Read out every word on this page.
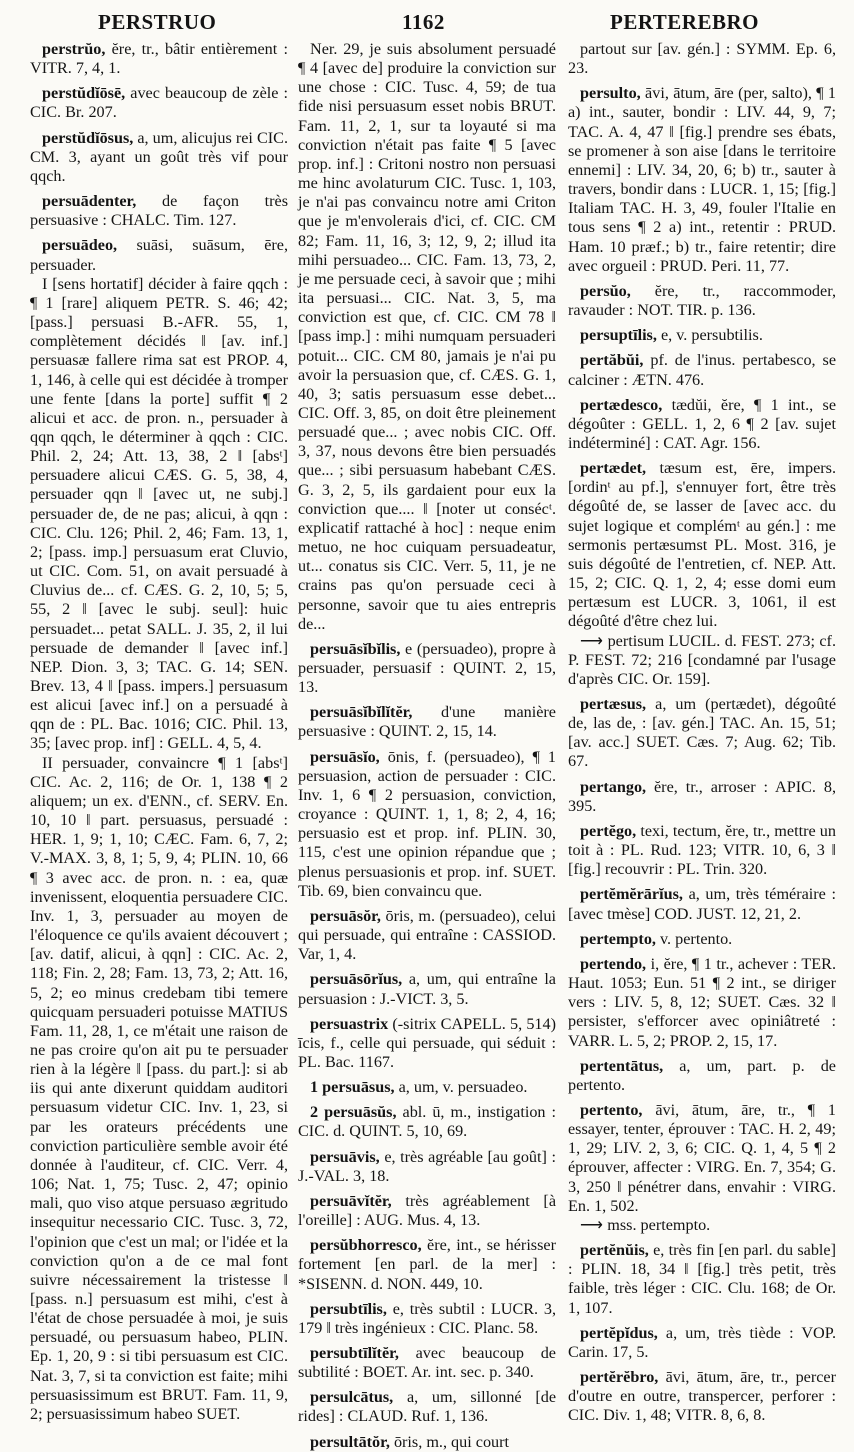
PERSTRUO	1162	PERTEREBRO

perstrŭo, ĕre, tr., bâtir entièrement : VITR. 7, 4, 1.

perstŭdĭōsē, avec beaucoup de zèle : CIC. Br. 207.

perstŭdĭōsus, a, um, alicujus rei CIC. CM. 3, ayant un goût très vif pour qqch.

persuādenter, de façon très persuasive : CHALC. Tim. 127.

persuādeo, suāsi, suāsum, ēre, persuader.

I [sens hortatif] décider à faire qqch : ¶ 1 [rare] aliquem PETR. S. 46; 42; [pass.] persuasi B.-AFR. 55, 1, complètement décidés ‖ [av. inf.] persuasæ fallere rima sat est PROP. 4, 1, 146, à celle qui est décidée à tromper une fente [dans la porte] suffit ¶ 2 alicui et acc. de pron. n., persuader à qqn qqch, le déterminer à qqch : CIC. Phil. 2, 24; Att. 13, 38, 2 ‖ [absᵗ] persuadere alicui CÆS. G. 5, 38, 4, persuader qqn ‖ [avec ut, ne subj.] persuader de, de ne pas; alicui, à qqn : CIC. Clu. 126; Phil. 2, 46; Fam. 13, 1, 2; [pass. imp.] persuasum erat Cluvio, ut CIC. Com. 51, on avait persuadé à Cluvius de... cf. CÆS. G. 2, 10, 5; 5, 55, 2 ‖ [avec le subj. seul]: huic persuadet... petat SALL. J. 35, 2, il lui persuade de demander ‖ [avec inf.] NEP. Dion. 3, 3; TAC. G. 14; SEN. Brev. 13, 4 ‖ [pass. impers.] persuasum est alicui [avec inf.] on a persuadé à qqn de : PL. Bac. 1016; CIC. Phil. 13, 35; [avec prop. inf] : GELL. 4, 5, 4.

II persuader, convaincre ¶ 1 [absᵗ] CIC. Ac. 2, 116; de Or. 1, 138 ¶ 2 aliquem; un ex. d'ENN., cf. SERV. En. 10, 10 ‖ part. persuasus, persuadé : HER. 1, 9; 1, 10; CÆC. Fam. 6, 7, 2; V.-MAX. 3, 8, 1; 5, 9, 4; PLIN. 10, 66 ¶ 3 avec acc. de pron. n. : ea, quæ invenissent, eloquentia persuadere CIC. Inv. 1, 3, persuader au moyen de l'éloquence ce qu'ils avaient découvert ; [av. datif, alicui, à qqn] : CIC. Ac. 2, 118; Fin. 2, 28; Fam. 13, 73, 2; Att. 16, 5, 2; eo minus credebam tibi temere quicquam persuaderi potuisse MATIUS Fam. 11, 28, 1, ce m'était une raison de ne pas croire qu'on ait pu te persuader rien à la légère ‖ [pass. du part.]: si ab iis qui ante dixerunt quiddam auditori persuasum videtur CIC. Inv. 1, 23, si par les orateurs précédents une conviction particulière semble avoir été donnée à l'auditeur, cf. CIC. Verr. 4, 106; Nat. 1, 75; Tusc. 2, 47; opinio mali, quo viso atque persuaso ægritudo insequitur necessario CIC. Tusc. 3, 72, l'opinion que c'est un mal; or l'idée et la conviction qu'on a de ce mal font suivre nécessairement la tristesse ‖ [pass. n.] persuasum est mihi, c'est à l'état de chose persuadée à moi, je suis persuadé, ou persuasum habeo, PLIN. Ep. 1, 20, 9 : si tibi persuasum est CIC. Nat. 3, 7, si ta conviction est faite; mihi persuasissimum est BRUT. Fam. 11, 9, 2; persuasissimum habeo SUET.

Ner. 29, je suis absolument persuadé ¶ 4 [avec de] produire la conviction sur une chose : CIC. Tusc. 4, 59; de tua fide nisi persuasum esset nobis BRUT. Fam. 11, 2, 1, sur ta loyauté si ma conviction n'était pas faite ¶ 5 [avec prop. inf.] : Critoni nostro non persuasi me hinc avolaturum CIC. Tusc. 1, 103, je n'ai pas convaincu notre ami Criton que je m'envolerais d'ici, cf. CIC. CM 82; Fam. 11, 16, 3; 12, 9, 2; illud ita mihi persuadeo... CIC. Fam. 13, 73, 2, je me persuade ceci, à savoir que ; mihi ita persuasi... CIC. Nat. 3, 5, ma conviction est que, cf. CIC. CM 78 ‖ [pass imp.] : mihi numquam persuaderi potuit... CIC. CM 80, jamais je n'ai pu avoir la persuasion que, cf. CÆS. G. 1, 40, 3; satis persuasum esse debet... CIC. Off. 3, 85, on doit être pleinement persuadé que... ; avec nobis CIC. Off. 3, 37, nous devons être bien persuadés que... ; sibi persuasum habebant CÆS. G. 3, 2, 5, ils gardaient pour eux la conviction que.... ‖ [noter ut consécᵗ. explicatif rattaché à hoc] : neque enim metuo, ne hoc cuiquam persuadeatur, ut... conatus sis CIC. Verr. 5, 11, je ne crains pas qu'on persuade ceci à personne, savoir que tu aies entrepris de...

persuāsĭbĭlis, e (persuadeo), propre à persuader, persuasif : QUINT. 2, 15, 13.

persuāsĭbĭlĭtĕr, d'une manière persuasive : QUINT. 2, 15, 14.

persuāsĭo, ōnis, f. (persuadeo), ¶ 1 persuasion, action de persuader : CIC. Inv. 1, 6 ¶ 2 persuasion, conviction, croyance : QUINT. 1, 1, 8; 2, 4, 16; persuasio est et prop. inf. PLIN. 30, 115, c'est une opinion répandue que ; plenus persuasionis et prop. inf. SUET. Tib. 69, bien convaincu que.

persuāsŏr, ōris, m. (persuadeo), celui qui persuade, qui entraîne : CASSIOD. Var, 1, 4.

persuāsōrĭus, a, um, qui entraîne la persuasion : J.-VICT. 3, 5.

persuastrix (-sitrix CAPELL. 5, 514) īcis, f., celle qui persuade, qui séduit : PL. Bac. 1167.

1 persuāsus, a, um, v. persuadeo.

2 persuāsŭs, abl. ū, m., instigation : CIC. d. QUINT. 5, 10, 69.

persuāvis, e, très agréable [au goût] : J.-VAL. 3, 18.

persuāvĭtĕr, très agréablement [à l'oreille] : AUG. Mus. 4, 13.

persŭbhorresco, ĕre, int., se hérisser fortement [en parl. de la mer] : *SISENN. d. NON. 449, 10.

persubtīlis, e, très subtil : LUCR. 3, 179 ‖ très ingénieux : CIC. Planc. 58.

persubtīlĭtĕr, avec beaucoup de subtilité : BOET. Ar. int. sec. p. 340.

persulcātus, a, um, sillonné [de rides] : CLAUD. Ruf. 1, 136.

persultātŏr, ōris, m., qui court

partout sur [av. gén.] : SYMM. Ep. 6, 23.

persulto, āvi, ātum, āre (per, salto), ¶ 1 a) int., sauter, bondir : LIV. 44, 9, 7; TAC. A. 4, 47 ‖ [fig.] prendre ses ébats, se promener à son aise [dans le territoire ennemi] : LIV. 34, 20, 6; b) tr., sauter à travers, bondir dans : LUCR. 1, 15; [fig.] Italiam TAC. H. 3, 49, fouler l'Italie en tous sens ¶ 2 a) int., retentir : PRUD. Ham. 10 præf.; b) tr., faire retentir; dire avec orgueil : PRUD. Peri. 11, 77.

persŭo, ĕre, tr., raccommoder, ravauder : NOT. TIR. p. 136.

persuptīlis, e, v. persubtilis.

pertăbŭi, pf. de l'inus. pertabesco, se calciner : ÆTN. 476.

pertædesco, tædŭi, ĕre, ¶ 1 int., se dégoûter : GELL. 1, 2, 6 ¶ 2 [av. sujet indéterminé] : CAT. Agr. 156.

pertædet, tæsum est, ēre, impers. [ordinᵗ au pf.], s'ennuyer fort, être très dégoûté de, se lasser de [avec acc. du sujet logique et complémᵗ au gén.] : me sermonis pertæsumst PL. Most. 316, je suis dégoûté de l'entretien, cf. NEP. Att. 15, 2; CIC. Q. 1, 2, 4; esse domi eum pertæsum est LUCR. 3, 1061, il est dégoûté d'être chez lui.

⟶ pertisum LUCIL. d. FEST. 273; cf. P. FEST. 72; 216 [condamné par l'usage d'après CIC. Or. 159].

pertæsus, a, um (pertædet), dégoûté de, las de, : [av. gén.] TAC. An. 15, 51; [av. acc.] SUET. Cæs. 7; Aug. 62; Tib. 67.

pertango, ĕre, tr., arroser : APIC. 8, 395.

pertĕgo, texi, tectum, ĕre, tr., mettre un toit à : PL. Rud. 123; VITR. 10, 6, 3 ‖ [fig.] recouvrir : PL. Trin. 320.

pertĕmĕrārĭus, a, um, très téméraire : [avec tmèse] COD. JUST. 12, 21, 2.

pertempto, v. pertento.

pertendo, i, ĕre, ¶ 1 tr., achever : TER. Haut. 1053; Eun. 51 ¶ 2 int., se diriger vers : LIV. 5, 8, 12; SUET. Cæs. 32 ‖ persister, s'efforcer avec opiniâtreté : VARR. L. 5, 2; PROP. 2, 15, 17.

pertentātus, a, um, part. p. de pertento.

pertento, āvi, ātum, āre, tr., ¶ 1 essayer, tenter, éprouver : TAC. H. 2, 49; 1, 29; LIV. 2, 3, 6; CIC. Q. 1, 4, 5 ¶ 2 éprouver, affecter : VIRG. En. 7, 354; G. 3, 250 ‖ pénétrer dans, envahir : VIRG. En. 1, 502.

⟶ mss. pertempto.

pertĕnŭis, e, très fin [en parl. du sable] : PLIN. 18, 34 ‖ [fig.] très petit, très faible, très léger : CIC. Clu. 168; de Or. 1, 107.

pertĕpĭdus, a, um, très tiède : VOP. Carin. 17, 5.

pertĕrĕbro, āvi, ātum, āre, tr., percer d'outre en outre, transpercer, perforer : CIC. Div. 1, 48; VITR. 8, 6, 8.
